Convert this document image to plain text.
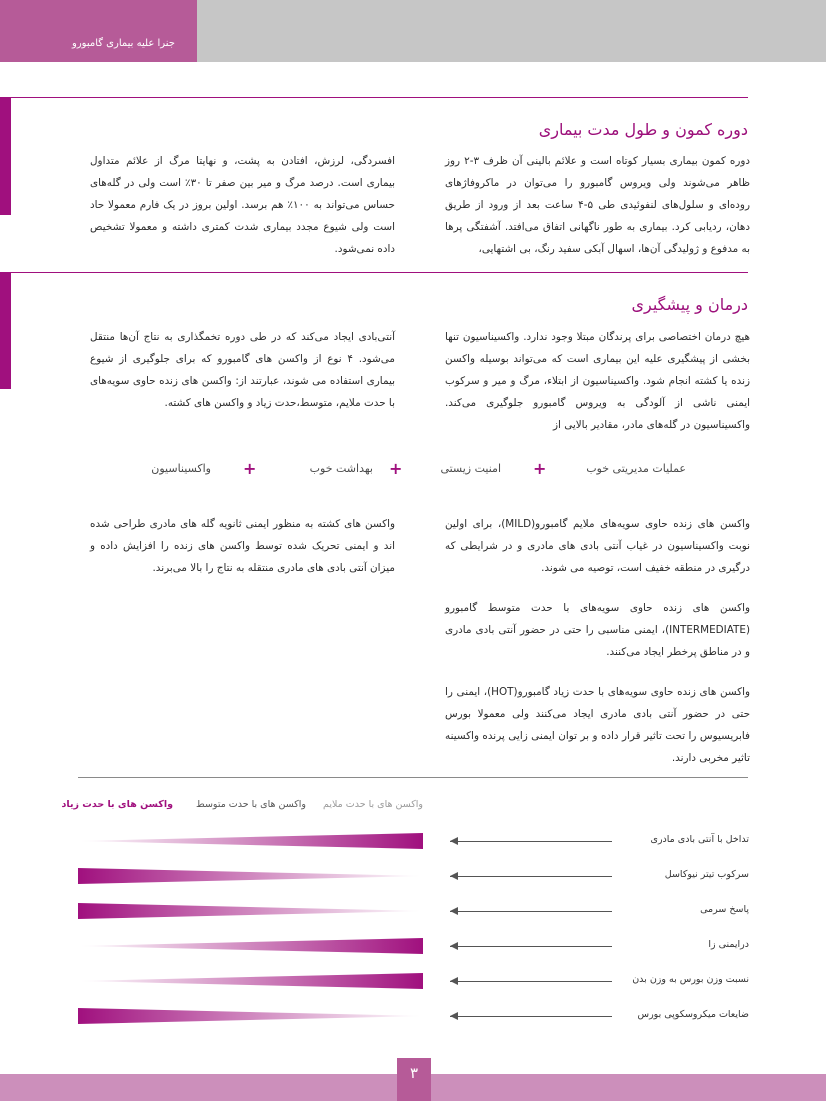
جنرا علیه بیماری گامبورو
دوره کمون و طول مدت بیماری
دوره کمون بیماری بسیار کوتاه است و علائم بالینی آن ظرف ۳-۲ روز ظاهر می‌شوند ولی ویروس گامبورو را می‌توان در ماکروفاژهای روده‌ای و سلول‌های لنفوئیدی طی ۵-۴ ساعت بعد از ورود از طریق دهان، ردیابی کرد. بیماری به طور ناگهانی اتفاق می‌افتد. آشفتگی پرها به مدفوع و ژولیدگی آن‌ها، اسهال آبکی سفید رنگ، بی اشتهایی،
افسردگی، لرزش، افتادن به پشت، و نهایتا مرگ از علائم متداول بیماری است. درصد مرگ و میر بین صفر تا ۳۰٪ است ولی در گله‌های حساس می‌تواند به ۱۰۰٪ هم برسد. اولین بروز در یک فارم معمولا حاد است ولی شیوع مجدد بیماری شدت کمتری داشته و معمولا تشخیص داده نمی‌شود.
درمان و پیشگیری
هیچ درمان اختصاصی برای پرندگان مبتلا وجود ندارد. واکسیناسیون تنها بخشی از پیشگیری علیه این بیماری است که می‌تواند بوسیله واکسن زنده یا کشته انجام شود. واکسیناسیون از ابتلاء، مرگ و میر و سرکوب ایمنی ناشی از آلودگی به ویروس گامبورو جلوگیری می‌کند. واکسیناسیون در گله‌های مادر، مقادیر بالایی از
آنتی‌بادی ایجاد می‌کند که در طی دوره تخمگذاری به نتاج آن‌ها منتقل می‌شود. ۴ نوع از واکسن های گامبورو که برای جلوگیری از شیوع بیماری استفاده می شوند، عبارتند از: واکسن های زنده حاوی سویه‌های با حدت ملایم، متوسط،حدت زیاد و واکسن های کشته.
عملیات مدیریتی خوب
+
امنیت زیستی
+
بهداشت خوب
+
واکسیناسیون
واکسن های زنده حاوی سویه‌های ملایم گامبورو(MILD)، برای اولین نوبت واکسیناسیون در غیاب آنتی بادی های مادری و در شرایطی که درگیری در منطقه خفیف است، توصیه می شوند.
واکسن های زنده حاوی سویه‌های با حدت متوسط گامبورو (INTERMEDIATE)، ایمنی مناسبی را حتی در حضور آنتی بادی مادری و در مناطق پرخطر ایجاد می‌کنند.
واکسن های زنده حاوی سویه‌های با حدت زیاد گامبورو(HOT)، ایمنی را حتی در حضور آنتی بادی مادری ایجاد می‌کنند ولی معمولا بورس فابریسیوس را تحت تاثیر قرار داده و بر توان ایمنی زایی پرنده واکسینه تاثیر مخربی دارند.
واکسن های کشته به منظور ایمنی ثانویه گله های مادری طراحی شده اند و ایمنی تحریک شده توسط واکسن های زنده را افزایش داده و میزان آنتی بادی های مادری منتقله به نتاج را بالا می‌برند.
واکسن های با حدت ملایم
واکسن های با حدت متوسط
واکسن های با حدت زیاد
تداخل با آنتی بادی مادری
سرکوب تیتر نیوکاسل
پاسخ سرمی
درایمنی زا
نسبت وزن بورس به وزن بدن
ضایعات میکروسکوپی بورس
۳
